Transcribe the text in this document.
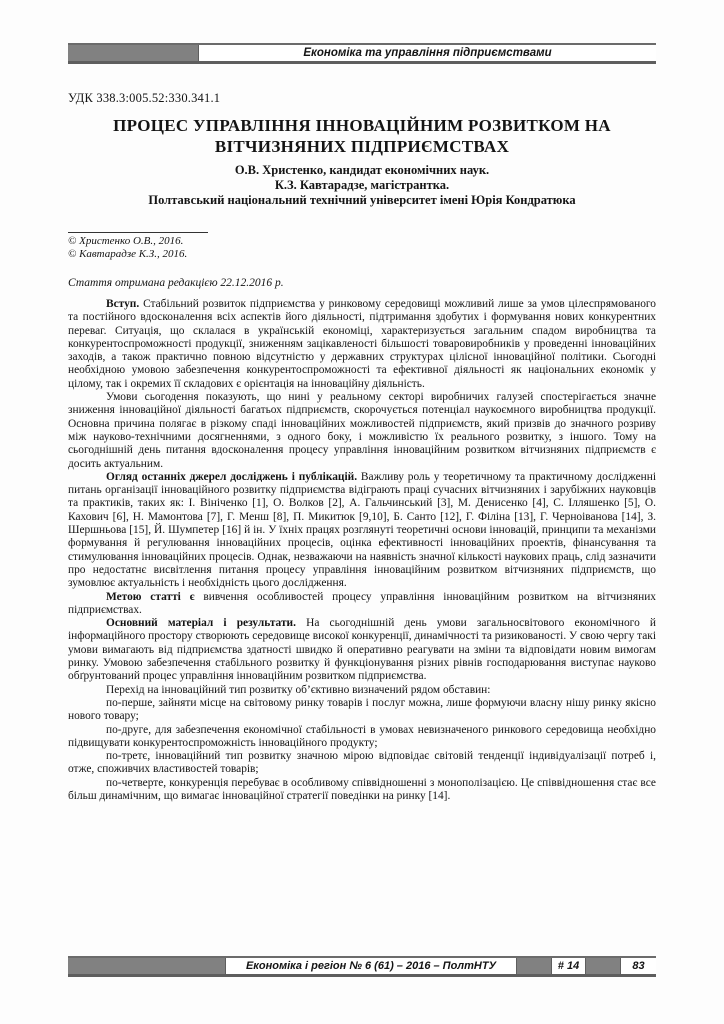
Економіка та управління підприємствами
УДК 338.3:005.52:330.341.1
ПРОЦЕС УПРАВЛІННЯ ІННОВАЦІЙНИМ РОЗВИТКОМ НА ВІТЧИЗНЯНИХ ПІДПРИЄМСТВАХ
О.В. Христенко, кандидат економічних наук.
К.З. Кавтарадзе, магістрантка.
Полтавський національний технічний університет імені Юрія Кондратюка
© Христенко О.В., 2016.
© Кавтарадзе К.З., 2016.
Стаття отримана редакцією 22.12.2016 р.

Вступ. Стабільний розвиток підприємства у ринковому середовищі можливий лише за умов цілеспрямованого та постійного вдосконалення всіх аспектів його діяльності, підтримання здобутих і формування нових конкурентних переваг. Ситуація, що склалася в українській економіці, характеризується загальним спадом виробництва та конкурентоспроможності продукції, зниженням зацікавленості більшості товаровиробників у проведенні інноваційних заходів, а також практично повною відсутністю у державних структурах цілісної інноваційної політики. Сьогодні необхідною умовою забезпечення конкурентоспроможності та ефективної діяльності як національних економік у цілому, так і окремих її складових є орієнтація на інноваційну діяльність.

Умови сьогодення показують, що нині у реальному секторі виробничих галузей спостерігається значне зниження інноваційної діяльності багатьох підприємств, скорочується потенціал наукоємного виробництва продукції. Основна причина полягає в різкому спаді інноваційних можливостей підприємств, який призвів до значного розриву між науково-технічними досягненнями, з одного боку, і можливістю їх реального розвитку, з іншого. Тому на сьогоднішній день питання вдосконалення процесу управління інноваційним розвитком вітчизняних підприємств є досить актуальним.

Огляд останніх джерел досліджень і публікацій. Важливу роль у теоретичному та практичному дослідженні питань організації інноваційного розвитку підприємства відіграють праці сучасних вітчизняних і зарубіжних науковців та практиків, таких як: І. Вініченко [1], О. Волков [2], А. Гальчинський [3], М. Денисенко [4], С. Ілляшенко [5], О. Кахович [6], Н. Мамонтова [7], Г. Менш [8], П. Микитюк [9,10], Б. Санто [12], Г. Філіна [13], Г. Черноіванова [14], З. Шершньова [15], Й. Шумпетер [16] й ін. У їхніх працях розглянуті теоретичні основи інновацій, принципи та механізми формування й регулювання інноваційних процесів, оцінка ефективності інноваційних проектів, фінансування та стимулювання інноваційних процесів. Однак, незважаючи на наявність значної кількості наукових праць, слід зазначити про недостатнє висвітлення питання процесу управління інноваційним розвитком вітчизняних підприємств, що зумовлює актуальність і необхідність цього дослідження.

Метою статті є вивчення особливостей процесу управління інноваційним розвитком на вітчизняних підприємствах.

Основний матеріал і результати. На сьогоднішній день умови загальносвітового економічного й інформаційного простору створюють середовище високої конкуренції, динамічності та ризикованості. У свою чергу такі умови вимагають від підприємства здатності швидко й оперативно реагувати на зміни та відповідати новим вимогам ринку. Умовою забезпечення стабільного розвитку й функціонування різних рівнів господарювання виступає науково обґрунтований процес управління інноваційним розвитком підприємства.

Перехід на інноваційний тип розвитку об’єктивно визначений рядом обставин:

по-перше, зайняти місце на світовому ринку товарів і послуг можна, лише формуючи власну нішу ринку якісно нового товару;

по-друге, для забезпечення економічної стабільності в умовах невизначеного ринкового середовища необхідно підвищувати конкурентоспроможність інноваційного продукту;

по-третє, інноваційний тип розвитку значною мірою відповідає світовій тенденції індивідуалізації потреб і, отже, споживчих властивостей товарів;

по-четверте, конкуренція перебуває в особливому співвідношенні з монополізацією. Це співвідношення стає все більш динамічним, що вимагає інноваційної стратегії поведінки на ринку [14].

Економіка і регіон № 6 (61) – 2016 – ПолтНТУ	# 14	83
